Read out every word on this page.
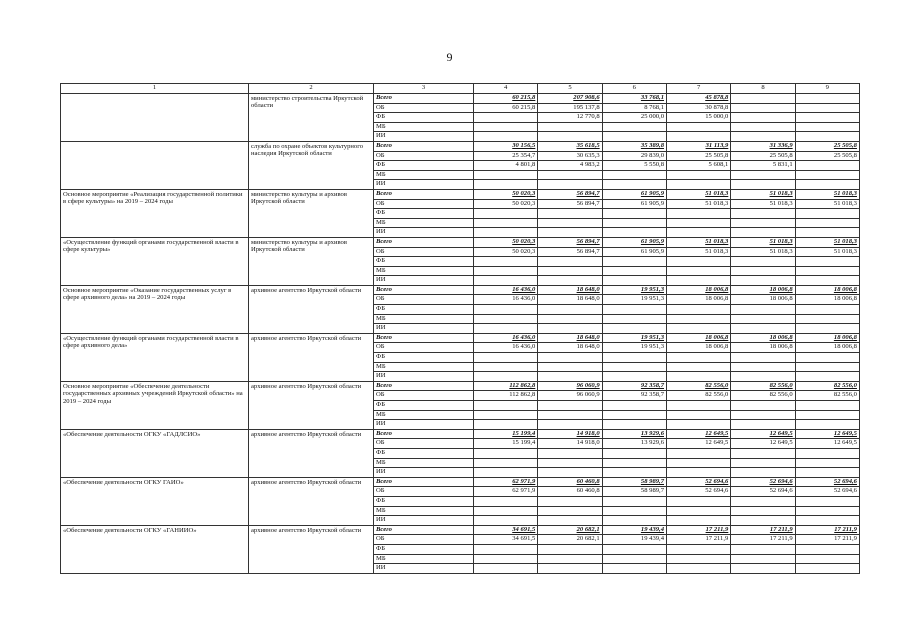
9
1	2	3	4	5	6	7	8	9
	министерство строительства Иркутской области	Всего	60 215,8	207 908,6	33 768,1	45 878,8		
		ОБ	60 215,8	195 137,8	8 768,1	30 878,8		
		ФБ		12 770,8	25 000,0	15 000,0		
		МБ						
		ИИ						
	служба по охране объектов культурного наследия Иркутской области	Всего	30 156,5	35 618,5	35 389,8	31 113,9	31 336,9	25 505,8
		ОБ	25 354,7	30 635,3	29 839,0	25 505,8	25 505,8	25 505,8
		ФБ	4 801,8	4 983,2	5 550,8	5 608,1	5 831,1	
		МБ						
		ИИ						
Основное мероприятие «Реализация государственной политики в сфере культуры» на 2019 – 2024 годы	министерство культуры и архивов Иркутской области	Всего	50 020,3	56 894,7	61 905,9	51 018,3	51 018,3	51 018,3
		ОБ	50 020,3	56 894,7	61 905,9	51 018,3	51 018,3	51 018,3
		ФБ						
		МБ						
		ИИ						
«Осуществление функций органами государственной власти в сфере культуры»	министерство культуры и архивов Иркутской области	Всего	50 020,3	56 894,7	61 905,9	51 018,3	51 018,3	51 018,3
		ОБ	50 020,3	56 894,7	61 905,9	51 018,3	51 018,3	51 018,3
		ФБ						
		МБ						
		ИИ						
Основное мероприятие «Оказание государственных услуг в сфере архивного дела» на 2019 – 2024 годы	архивное агентство Иркутской области	Всего	16 436,0	18 648,0	19 951,3	18 006,8	18 006,8	18 006,8
		ОБ	16 436,0	18 648,0	19 951,3	18 006,8	18 006,8	18 006,8
		ФБ						
		МБ						
		ИИ						
«Осуществление функций органами государственной власти в сфере архивного дела»	архивное агентство Иркутской области	Всего	16 436,0	18 648,0	19 951,3	18 006,8	18 006,8	18 006,8
		ОБ	16 436,0	18 648,0	19 951,3	18 006,8	18 006,8	18 006,8
		ФБ						
		МБ						
		ИИ						
Основное мероприятие «Обеспечение деятельности государственных архивных учреждений Иркутской области» на 2019 – 2024 годы	архивное агентство Иркутской области	Всего	112 862,8	96 060,9	92 358,7	82 556,0	82 556,0	82 556,0
		ОБ	112 862,8	96 060,9	92 358,7	82 556,0	82 556,0	82 556,0
		ФБ						
		МБ						
		ИИ						
«Обеспечение деятельности ОГКУ «ГАДЛСИО»	архивное агентство Иркутской области	Всего	15 199,4	14 918,0	13 929,6	12 649,5	12 649,5	12 649,5
		ОБ	15 199,4	14 918,0	13 929,6	12 649,5	12 649,5	12 649,5
		ФБ						
		МБ						
		ИИ						
«Обеспечение деятельности ОГКУ ГАИО»	архивное агентство Иркутской области	Всего	62 971,9	60 460,8	58 989,7	52 694,6	52 694,6	52 694,6
		ОБ	62 971,9	60 460,8	58 989,7	52 694,6	52 694,6	52 694,6
		ФБ						
		МБ						
		ИИ						
«Обеспечение деятельности ОГКУ «ГАНИИО»	архивное агентство Иркутской области	Всего	34 691,5	20 682,1	19 439,4	17 211,9	17 211,9	17 211,9
		ОБ	34 691,5	20 682,1	19 439,4	17 211,9	17 211,9	17 211,9
		ФБ						
		МБ						
		ИИ						
